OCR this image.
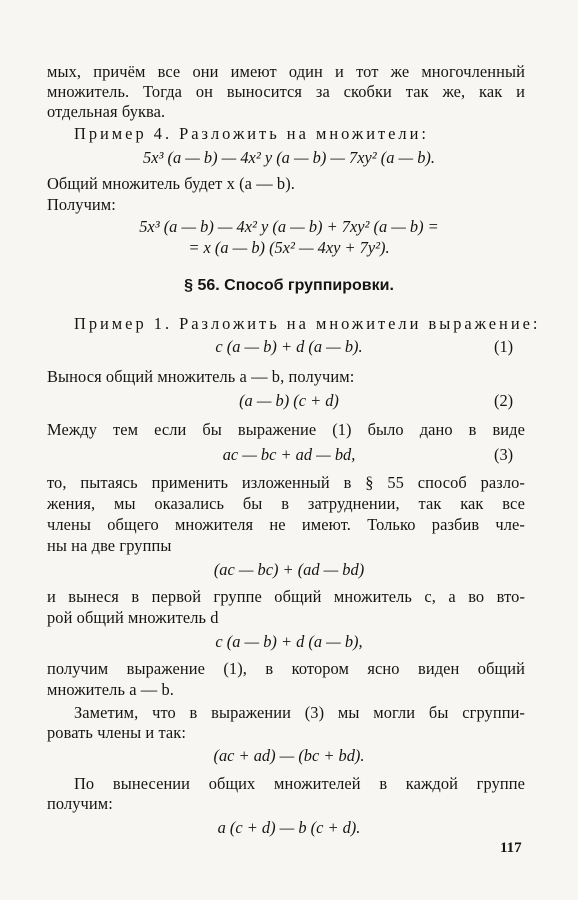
мых, причём все они имеют один и тот же многочленный

множитель. Тогда он выносится за скобки так же, как и

отдельная буква.

Пример 4. Разложить на множители:

5x³ (a — b) — 4x² y (a — b) — 7xy² (a — b).

Общий множитель будет x (a — b).

Получим:

5x³ (a — b) — 4x² y (a — b) + 7xy² (a — b) =

= x (a — b) (5x² — 4xy + 7y²).

§ 56. Способ группировки.

Пример 1. Разложить на множители выражение:

c (a — b) + d (a — b).	(1)

Вынося общий множитель a — b, получим:

(a — b) (c + d)	(2)

Между тем если бы выражение (1) было дано в виде

ac — bc + ad — bd,	(3)

то, пытаясь применить изложенный в § 55 способ разло-

жения, мы оказались бы в затруднении, так как все

члены общего множителя не имеют. Только разбив чле-

ны на две группы

(ac — bc) + (ad — bd)

и вынеся в первой группе общий множитель c, а во вто-

рой общий множитель d

c (a — b) + d (a — b),

получим выражение (1), в котором ясно виден общий

множитель a — b.

Заметим, что в выражении (3) мы могли бы сгруппи-

ровать члены и так:

(ac + ad) — (bc + bd).

По вынесении общих множителей в каждой группе

получим:

a (c + d) — b (c + d).

117
